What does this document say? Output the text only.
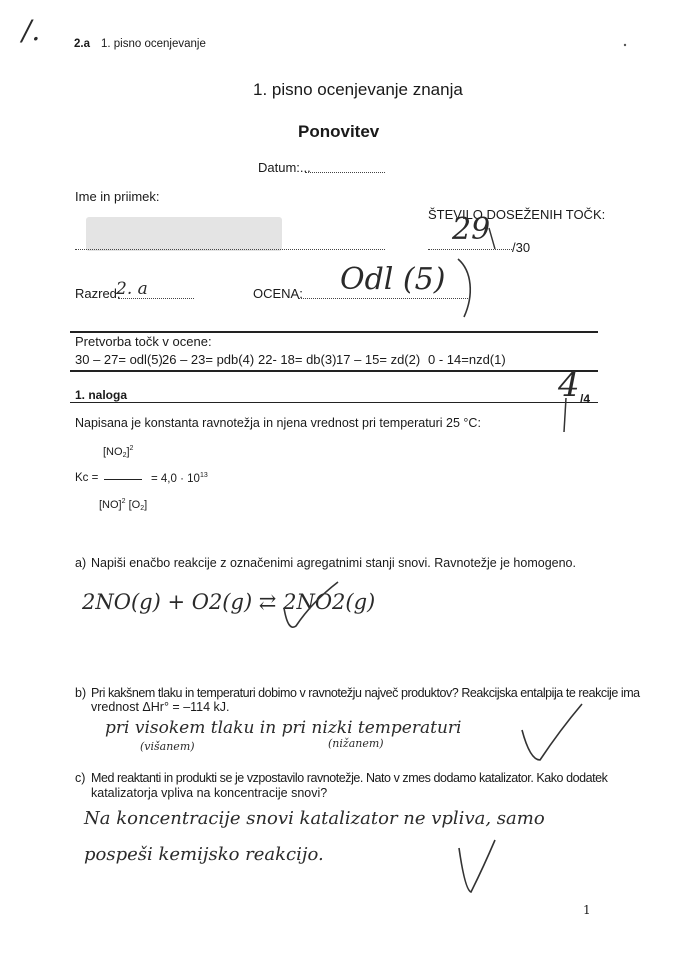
/.	2.a 1. pisno ocenjevanje
1. pisno ocenjevanje znanja
Ponovitev
Datum:...
Ime in priimek:
ŠTEVILO DOSEŽENIH TOČK:
29
/30
Razred:
2. a	OCENA: Odl (5)
Pretvorba točk v ocene:
30 – 27= odl(5) 26 – 23= pdb(4) 22- 18= db(3) 17 – 15= zd(2) 0 - 14=nzd(1)
1. naloga	4 /4
Napisana je konstanta ravnotežja in njena vrednost pri temperaturi 25 °C:
$[NO_2]^2$
Kc =	= $4,0 \cdot 10^{13}$
[NO]$^2$ $[O_2]$
a) Napiši enačbo reakcije z označenimi agregatnimi stanji snovi. Ravnotežje je homogeno.
2NO(g) + O2(g) ⇄ 2NO2(g)
b) Pri kakšnem tlaku in temperaturi dobimo v ravnotežju največ produktov? Reakcijska entalpija te reakcije ima
vrednost ΔHr° = –114 kJ.
pri visokem tlaku in pri nizki temperaturi
(višanem)	(nižanem)
c) Med reaktanti in produkti se je vzpostavilo ravnotežje. Nato v zmes dodamo katalizator. Kako dodatek
katalizatorja vpliva na koncentracije snovi?
Na koncentracije snovi katalizator ne vpliva, samo
pospeši kemijsko reakcijo.
1
